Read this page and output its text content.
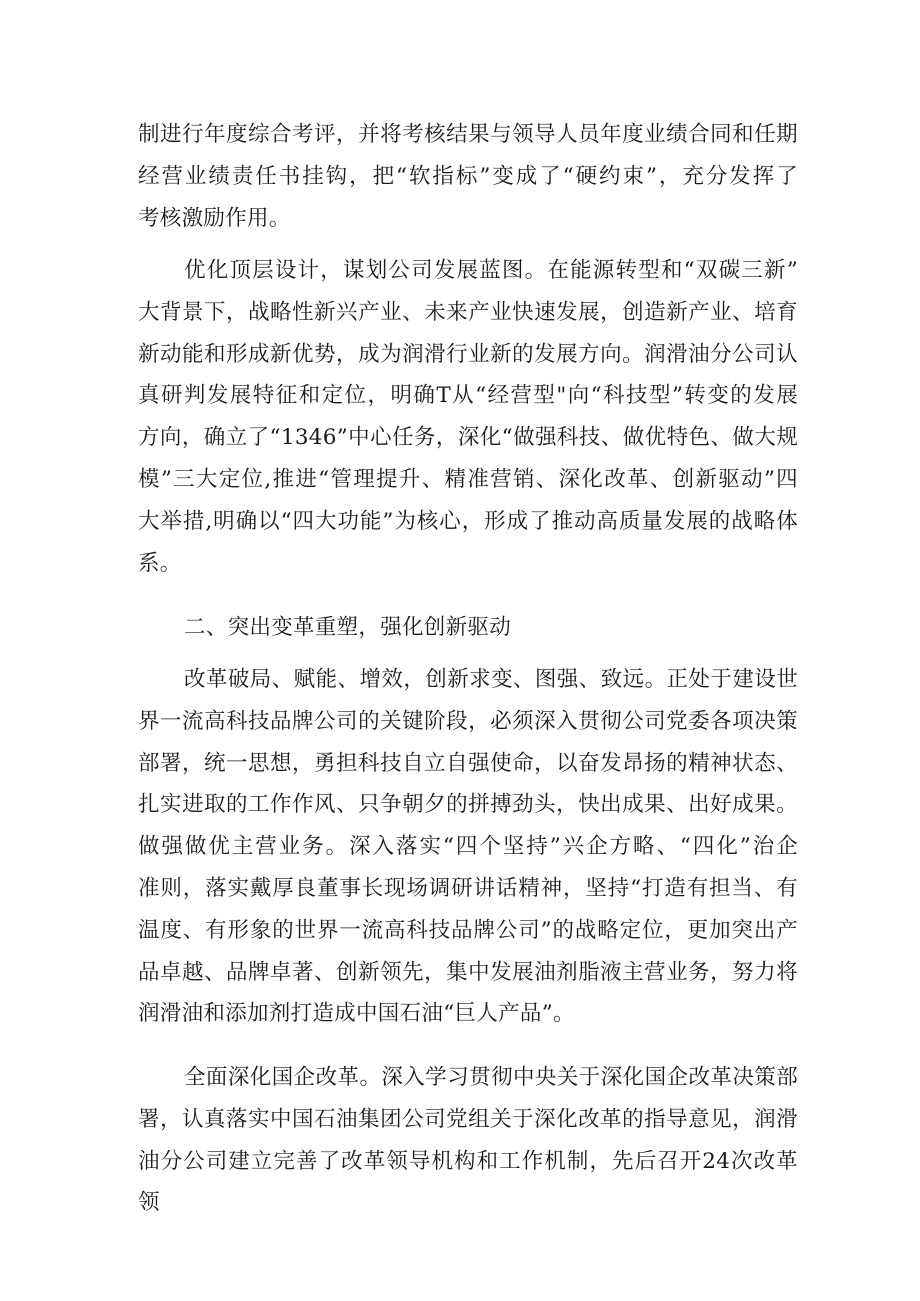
制进行年度综合考评，并将考核结果与领导人员年度业绩合同和任期
经营业绩责任书挂钩，把“软指标”变成了“硬约束”，充分发挥了
考核激励作用。
优化顶层设计，谋划公司发展蓝图。在能源转型和“双碳三新”
大背景下，战略性新兴产业、未来产业快速发展，创造新产业、培育
新动能和形成新优势，成为润滑行业新的发展方向。润滑油分公司认
真研判发展特征和定位，明确T从“经营型"向“科技型”转变的发展
方向，确立了“1346”中心任务，深化“做强科技、做优特色、做大规
模”三大定位,推进“管理提升、精准营销、深化改革、创新驱动”四
大举措,明确以“四大功能”为核心，形成了推动高质量发展的战略体
系。
二、突出变革重塑，强化创新驱动
改革破局、赋能、增效，创新求变、图强、致远。正处于建设世
界一流高科技品牌公司的关键阶段，必须深入贯彻公司党委各项决策
部署，统一思想，勇担科技自立自强使命，以奋发昂扬的精神状态、
扎实进取的工作作风、只争朝夕的拼搏劲头，快出成果、出好成果。
做强做优主营业务。深入落实“四个坚持”兴企方略、“四化”治企
准则，落实戴厚良董事长现场调研讲话精神，坚持“打造有担当、有
温度、有形象的世界一流高科技品牌公司”的战略定位，更加突出产
品卓越、品牌卓著、创新领先，集中发展油剂脂液主营业务，努力将
润滑油和添加剂打造成中国石油“巨人产品”。
全面深化国企改革。深入学习贯彻中央关于深化国企改革决策部
署，认真落实中国石油集团公司党组关于深化改革的指导意见，润滑
油分公司建立完善了改革领导机构和工作机制，先后召开24次改革领
